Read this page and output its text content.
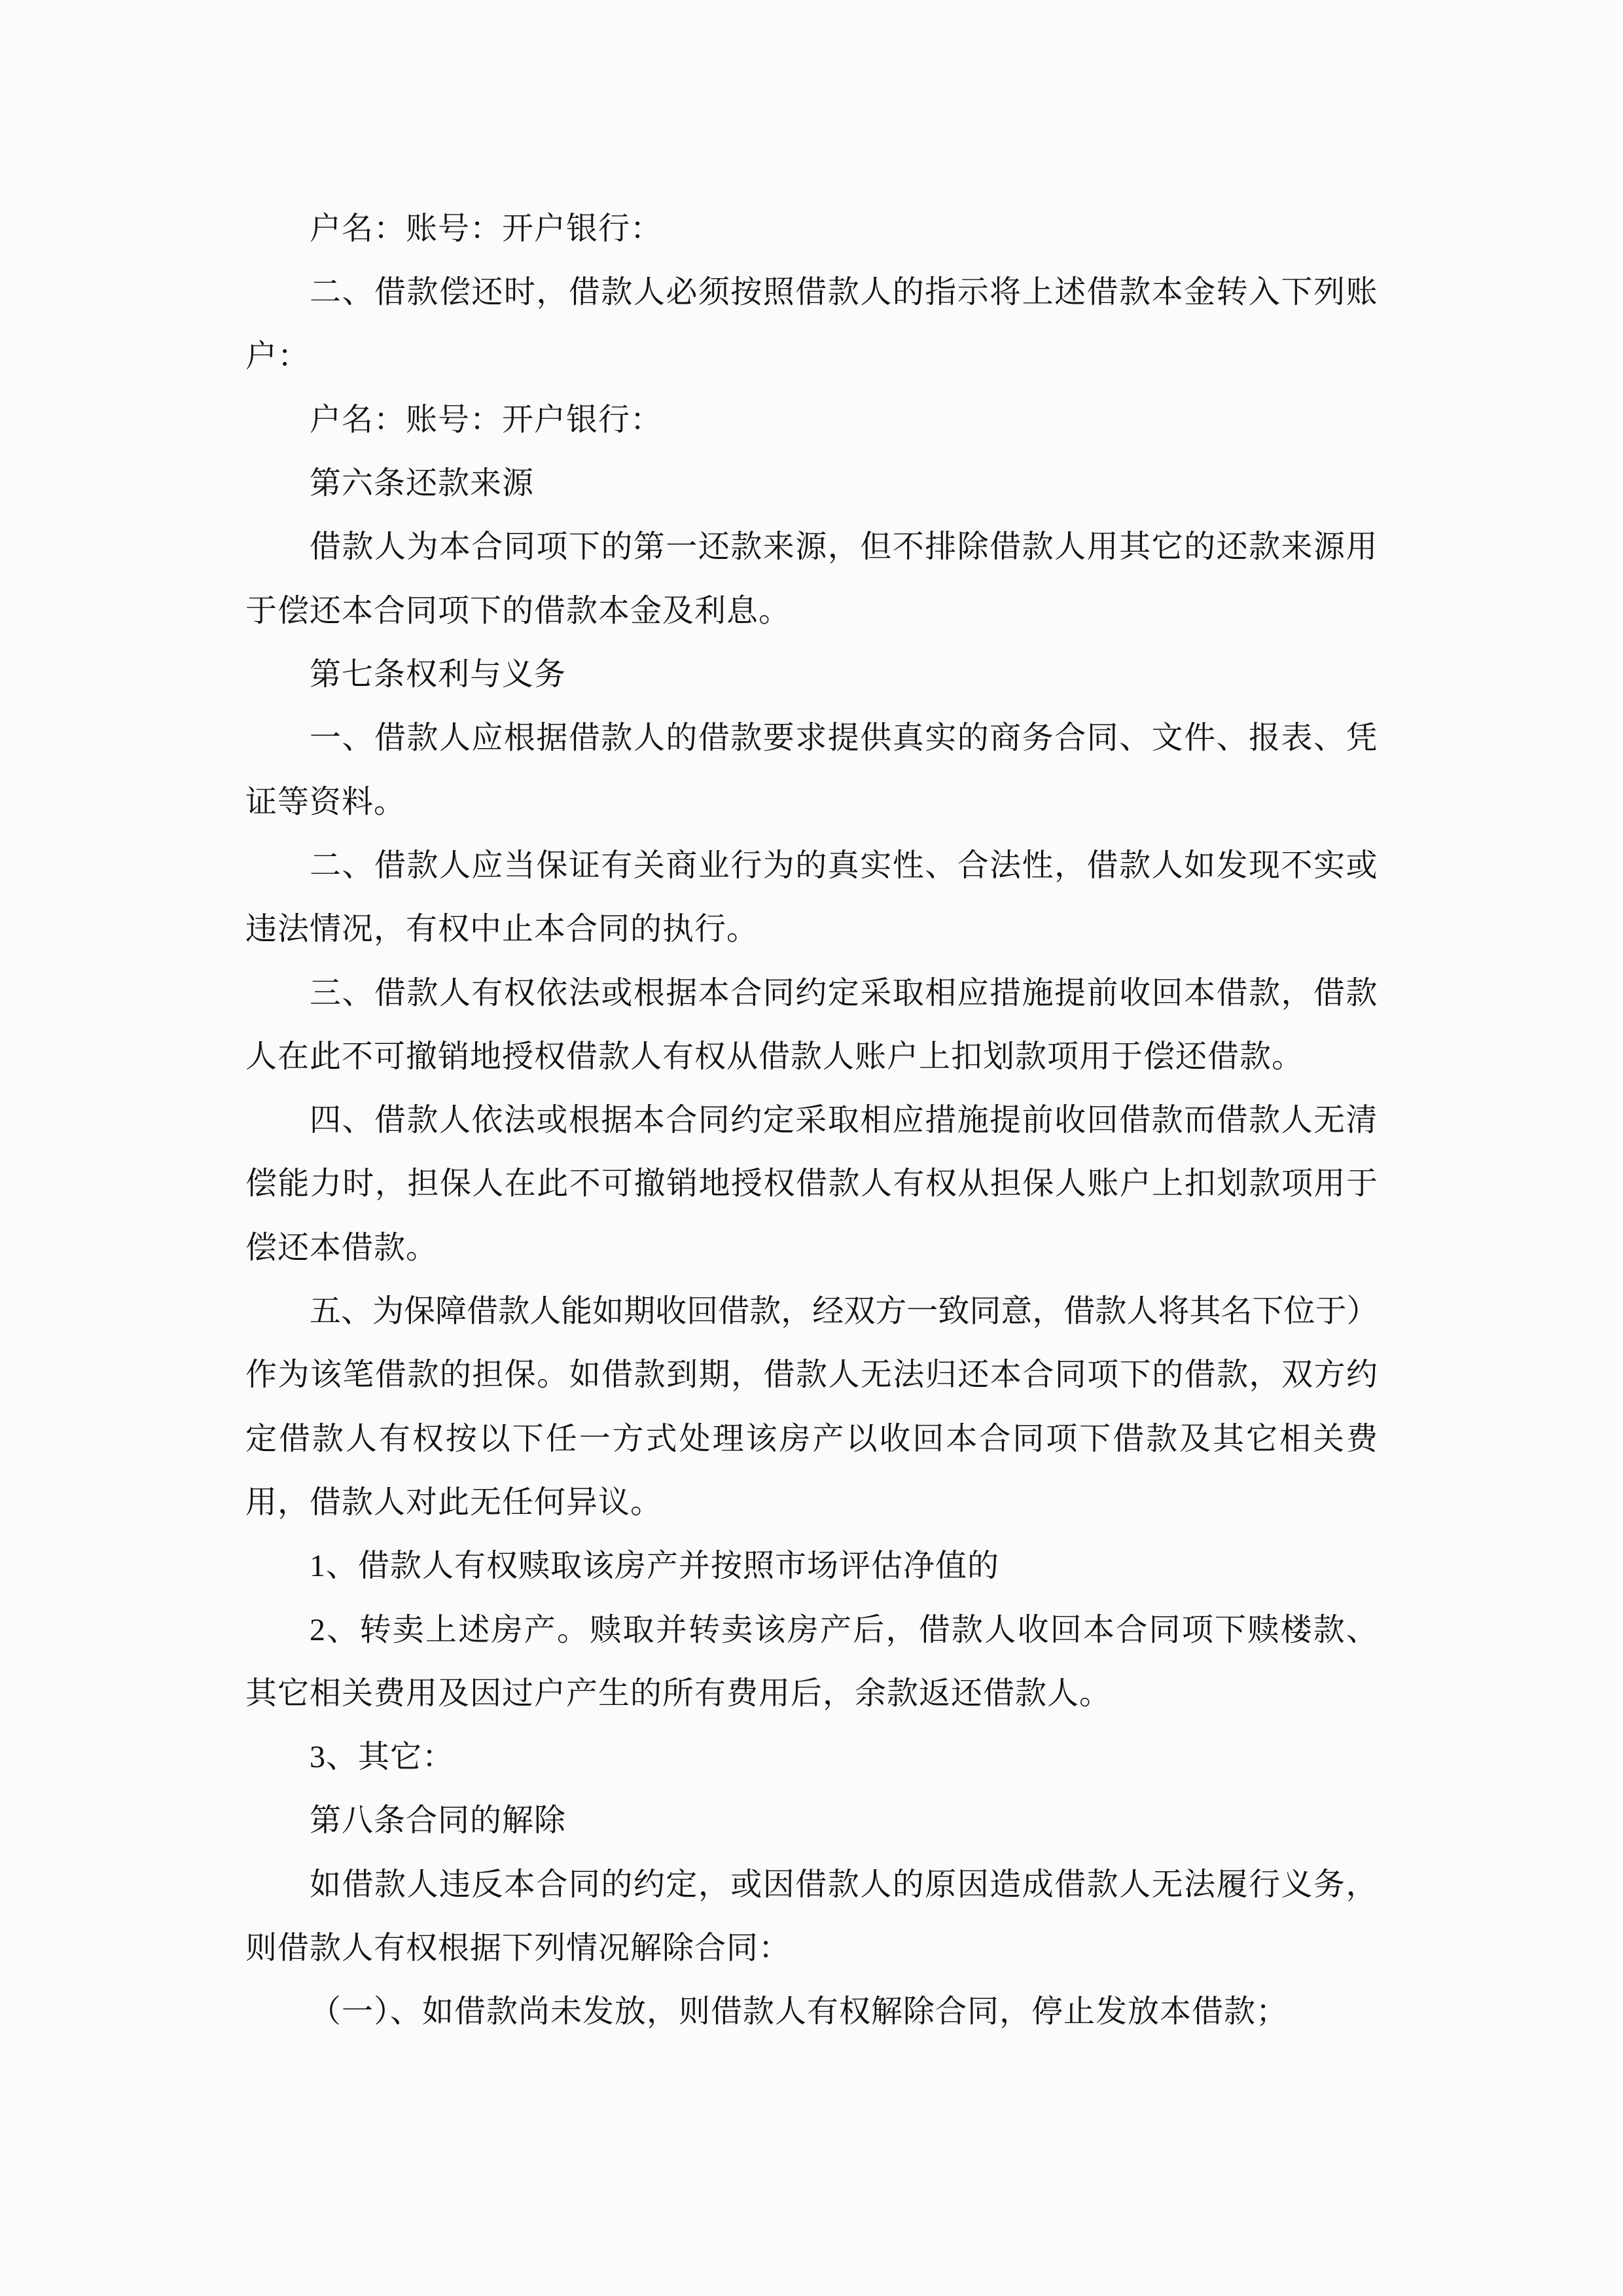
户名：账号：开户银行：
二 、 借 款 偿 还 时 ， 借 款 人 必 须 按 照 借 款 人 的 指 示 将 上 述 借 款 本 金 转 入 下 列 账
户：
户名：账号：开户银行：
第六条还款来源
借 款 人 为 本 合 同 项 下 的 第 一 还 款 来 源 ， 但 不 排 除 借 款 人 用 其 它 的 还 款 来 源 用
于偿还本合同项下的借款本金及利息。
第七条权利与义务
一 、 借 款 人 应 根 据 借 款 人 的 借 款 要 求 提 供 真 实 的 商 务 合 同 、 文 件 、 报 表 、 凭
证等资料。
二 、 借 款 人 应 当 保 证 有 关 商 业 行 为 的 真 实 性 、 合 法 性 ， 借 款 人 如 发 现 不 实 或
违法情况，有权中止本合同的执行。
三 、 借 款 人 有 权 依 法 或 根 据 本 合 同 约 定 采 取 相 应 措 施 提 前 收 回 本 借 款 ， 借 款
人在此不可撤销地授权借款人有权从借款人账户上扣划款项用于偿还借款。
四 、 借 款 人 依 法 或 根 据 本 合 同 约 定 采 取 相 应 措 施 提 前 收 回 借 款 而 借 款 人 无 清
偿 能 力 时 ， 担 保 人 在 此 不 可 撤 销 地 授 权 借 款 人 有 权 从 担 保 人 账 户 上 扣 划 款 项 用 于
偿还本借款。
五 、 为 保 障 借 款 人 能 如 期 收 回 借 款 ， 经 双 方 一 致 同 意 ， 借 款 人 将 其 名 下 位 于 ）
作 为 该 笔 借 款 的 担 保 。 如 借 款 到 期 ， 借 款 人 无 法 归 还 本 合 同 项 下 的 借 款 ， 双 方 约
定 借 款 人 有 权 按 以 下 任 一 方 式 处 理 该 房 产 以 收 回 本 合 同 项 下 借 款 及 其 它 相 关 费
用，借款人对此无任何异议。
1、借款人有权赎取该房产并按照市场评估净值的
2 、 转 卖 上 述 房 产 。 赎 取 并 转 卖 该 房 产 后 ， 借 款 人 收 回 本 合 同 项 下 赎 楼 款 、
其它相关费用及因过户产生的所有费用后，余款返还借款人。
3、其它：
第八条合同的解除
如 借 款 人 违 反 本 合 同 的 约 定 ， 或 因 借 款 人 的 原 因 造 成 借 款 人 无 法 履 行 义 务 ，
则借款人有权根据下列情况解除合同：
（一）、如借款尚未发放，则借款人有权解除合同，停止发放本借款；
